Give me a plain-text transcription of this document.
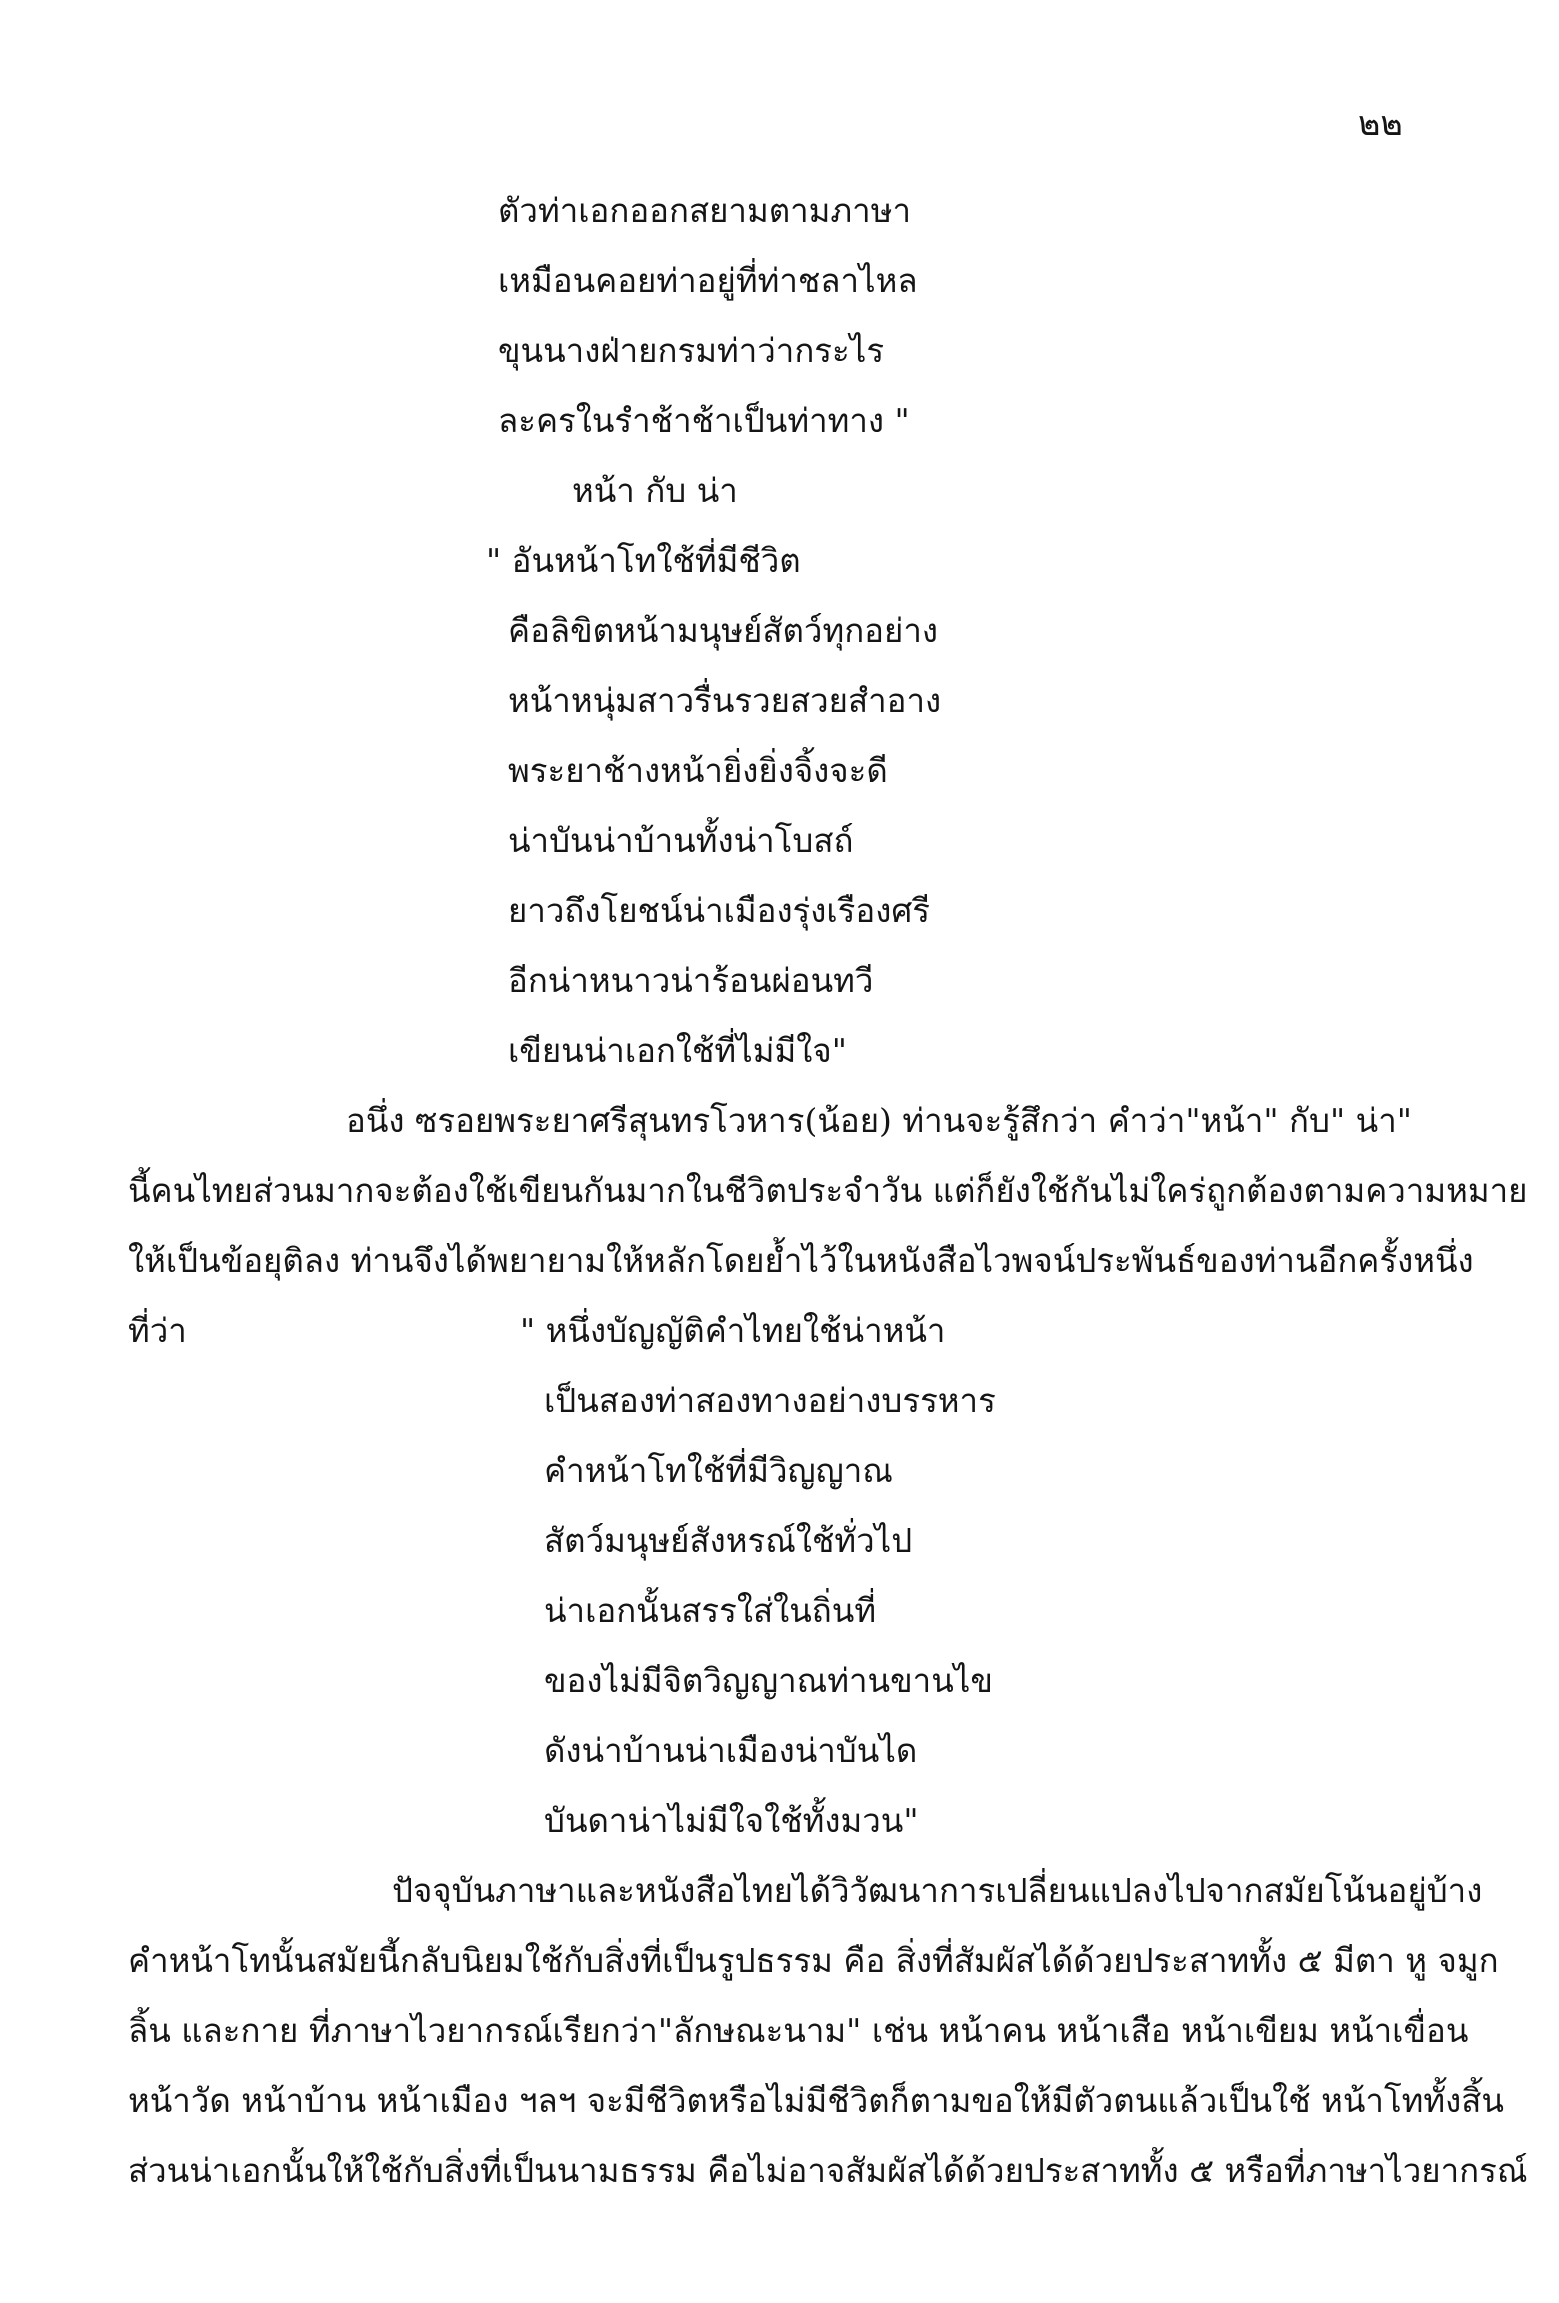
๒๒
ตัวท่าเอกออกสยามตามภาษา
เหมือนคอยท่าอยู่ที่ท่าชลาไหล
ขุนนางฝ่ายกรมท่าว่ากระไร
ละครในรำช้าช้าเป็นท่าทาง "
หน้า กับ น่า
" อันหน้าโทใช้ที่มีชีวิต
คือลิขิตหน้ามนุษย์สัตว์ทุกอย่าง
หน้าหนุ่มสาวรื่นรวยสวยสำอาง
พระยาช้างหน้ายิ่งยิ่งจิ้งจะดี
น่าบันน่าบ้านทั้งน่าโบสถ์
ยาวถึงโยชน์น่าเมืองรุ่งเรืองศรี
อีกน่าหนาวน่าร้อนผ่อนทวี
เขียนน่าเอกใช้ที่ไม่มีใจ"
อนึ่ง ซรอยพระยาศรีสุนทรโวหาร(น้อย) ท่านจะรู้สึกว่า คำว่า"หน้า" กับ" น่า"
นี้คนไทยส่วนมากจะต้องใช้เขียนกันมากในชีวิตประจำวัน แต่ก็ยังใช้กันไม่ใคร่ถูกต้องตามความหมาย
ให้เป็นข้อยุติลง ท่านจึงได้พยายามให้หลักโดยย้ำไว้ในหนังสือไวพจน์ประพันธ์ของท่านอีกครั้งหนึ่ง
ที่ว่า	" หนึ่งบัญญัติคำไทยใช้น่าหน้า
เป็นสองท่าสองทางอย่างบรรหาร
คำหน้าโทใช้ที่มีวิญญาณ
สัตว์มนุษย์สังหรณ์ใช้ทั่วไป
น่าเอกนั้นสรรใส่ในถิ่นที่
ของไม่มีจิตวิญญาณท่านขานไข
ดังน่าบ้านน่าเมืองน่าบันได
บันดาน่าไม่มีใจใช้ทั้งมวน"
ปัจจุบันภาษาและหนังสือไทยได้วิวัฒนาการเปลี่ยนแปลงไปจากสมัยโน้นอยู่บ้าง
คำหน้าโทนั้นสมัยนี้กลับนิยมใช้กับสิ่งที่เป็นรูปธรรม คือ สิ่งที่สัมผัสได้ด้วยประสาททั้ง ๕ มีตา หู จมูก
ลิ้น และกาย ที่ภาษาไวยากรณ์เรียกว่า"ลักษณะนาม" เช่น หน้าคน หน้าเสือ หน้าเขียม หน้าเขื่อน
หน้าวัด หน้าบ้าน หน้าเมือง ฯลฯ จะมีชีวิตหรือไม่มีชีวิตก็ตามขอให้มีตัวตนแล้วเป็นใช้ หน้าโททั้งสิ้น
ส่วนน่าเอกนั้นให้ใช้กับสิ่งที่เป็นนามธรรม คือไม่อาจสัมผัสได้ด้วยประสาททั้ง ๕ หรือที่ภาษาไวยากรณ์
